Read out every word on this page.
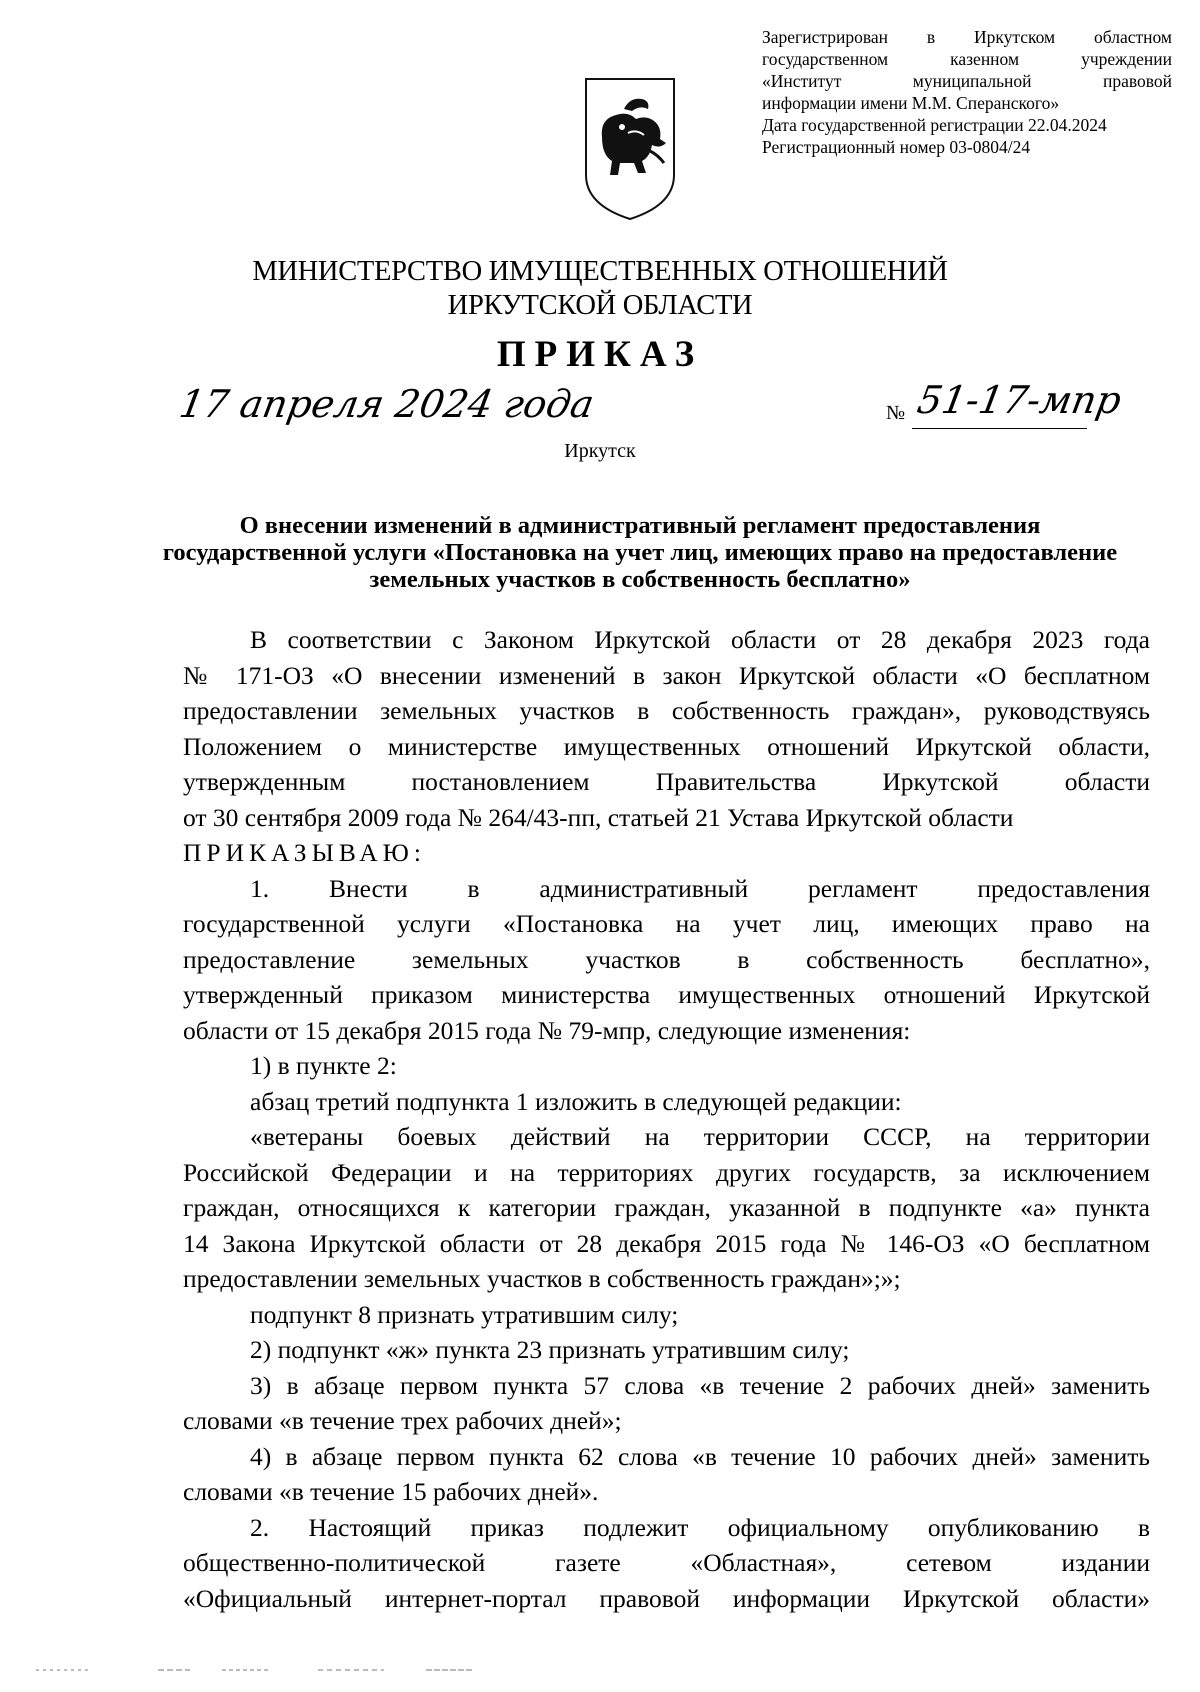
Зарегистрирован в Иркутском областном
государственном казенном учреждении
«Институт муниципальной правовой
информации имени М.М. Сперанского»
Дата государственной регистрации 22.04.2024
Регистрационный номер 03-0804/24
МИНИСТЕРСТВО ИМУЩЕСТВЕННЫХ ОТНОШЕНИЙ
ИРКУТСКОЙ ОБЛАСТИ
ПРИКАЗ
17 апреля 2024 года	№ 51-17-мпр
Иркутск
О внесении изменений в административный регламент предоставления государственной услуги «Постановка на учет лиц, имеющих право на предоставление земельных участков в собственность бесплатно»

В соответствии с Законом Иркутской области от 28 декабря 2023 года

№ 171-ОЗ «О внесении изменений в закон Иркутской области «О бесплатном

предоставлении земельных участков в собственность граждан», руководствуясь

Положением о министерстве имущественных отношений Иркутской области,

утвержденным постановлением Правительства Иркутской области

от 30 сентября 2009 года № 264/43-пп, статьей 21 Устава Иркутской области

ПРИКАЗЫВАЮ:

1. Внести в административный регламент предоставления

государственной услуги «Постановка на учет лиц, имеющих право на

предоставление земельных участков в собственность бесплатно»,

утвержденный приказом министерства имущественных отношений Иркутской

области от 15 декабря 2015 года № 79-мпр, следующие изменения:

1) в пункте 2:

абзац третий подпункта 1 изложить в следующей редакции:

«ветераны боевых действий на территории СССР, на территории

Российской Федерации и на территориях других государств, за исключением

граждан, относящихся к категории граждан, указанной в подпункте «а» пункта

14 Закона Иркутской области от 28 декабря 2015 года № 146-ОЗ «О бесплатном

предоставлении земельных участков в собственность граждан»;»;

подпункт 8 признать утратившим силу;

2) подпункт «ж» пункта 23 признать утратившим силу;

3) в абзаце первом пункта 57 слова «в течение 2 рабочих дней» заменить

словами «в течение трех рабочих дней»;

4) в абзаце первом пункта 62 слова «в течение 10 рабочих дней» заменить

словами «в течение 15 рабочих дней».

2. Настоящий приказ подлежит официальному опубликованию в

общественно-политической газете «Областная», сетевом издании

«Официальный интернет-портал правовой информации Иркутской области»
